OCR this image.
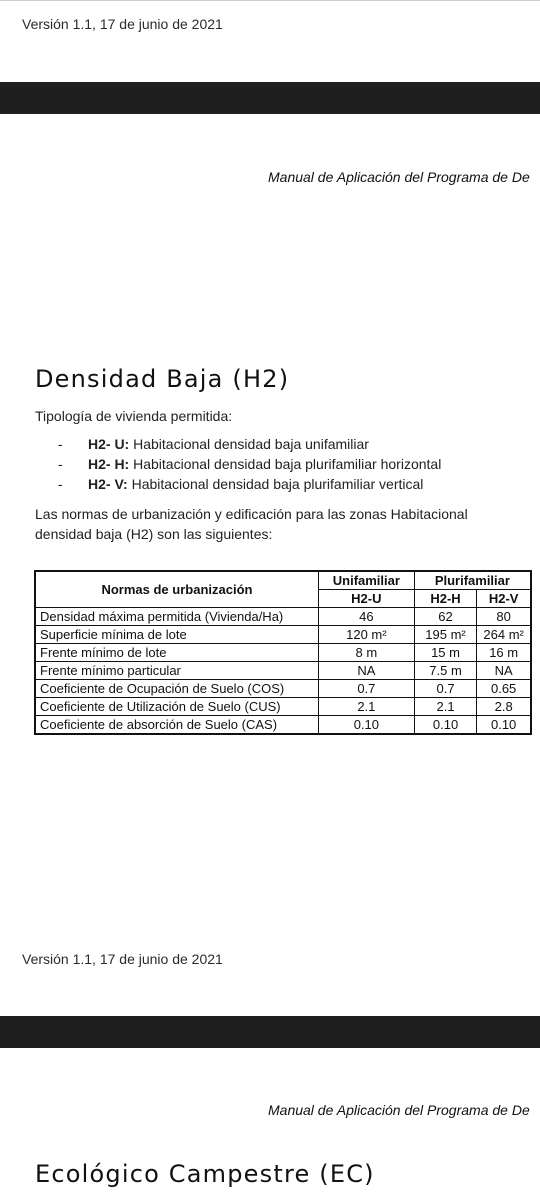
Versión 1.1, 17 de junio de 2021
Manual de Aplicación del Programa de De
Densidad Baja (H2)
Tipología de vivienda permitida:
- H2- U: Habitacional densidad baja unifamiliar
- H2- H: Habitacional densidad baja plurifamiliar horizontal
- H2- V: Habitacional densidad baja plurifamiliar vertical
Las normas de urbanización y edificación para las zonas Habitacional densidad baja (H2) son las siguientes:
Normas de urbanización	Unifamiliar	Plurifamiliar	
	H2-U	H2-H	H2-V
Densidad máxima permitida (Vivienda/Ha)	46	62	80
Superficie mínima de lote	120 m²	195 m²	264 m²
Frente mínimo de lote	8 m	15 m	16 m
Frente mínimo particular	NA	7.5 m	NA
Coeficiente de Ocupación de Suelo (COS)	0.7	0.7	0.65
Coeficiente de Utilización de Suelo (CUS)	2.1	2.1	2.8
Coeficiente de absorción de Suelo (CAS)	0.10	0.10	0.10
Versión 1.1, 17 de junio de 2021
Manual de Aplicación del Programa de De
Ecológico Campestre (EC)
